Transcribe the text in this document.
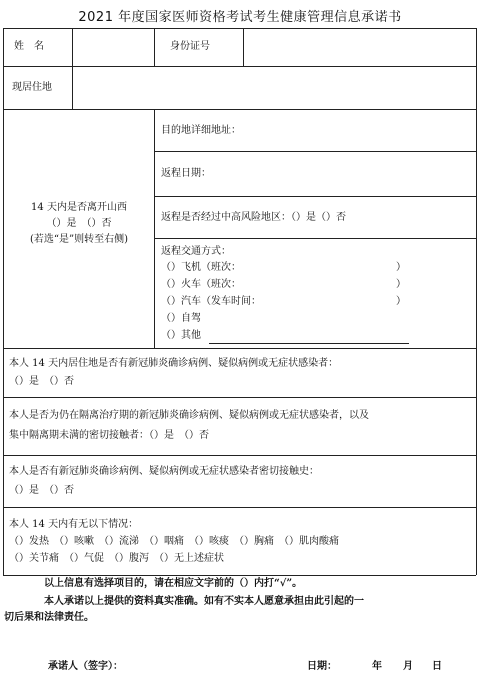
2021 年度国家医师资格考试考生健康管理信息承诺书
姓　名	身份证号
现居住地
14 天内是否离开山西
（）是　（）否
(若选“是”则转至右侧)
目的地详细地址：
返程日期：
返程是否经过中高风险地区：（）是（）否
返程交通方式：
（）飞机（班次：　　　　　　　　　　　　　　　　）
（）火车（班次：　　　　　　　　　　　　　　　　）
（）汽车（发车时间：　　　　　　　　　　　　　　）
（）自驾
（）其他
本人 14 天内居住地是否有新冠肺炎确诊病例、疑似病例或无症状感染者：
（）是　（）否
本人是否为仍在隔离治疗期的新冠肺炎确诊病例、疑似病例或无症状感染者，以及
集中隔离期未满的密切接触者：（）是　（）否
本人是否有新冠肺炎确诊病例、疑似病例或无症状感染者密切接触史：
（）是　（）否
本人 14 天内有无以下情况：
（）发热　（）咳嗽　（）流涕　（）咽痛　（）咳痰　（）胸痛　（）肌肉酸痛
（）关节痛　（）气促　（）腹泻　（）无上述症状
以上信息有选择项目的，请在相应文字前的（）内打“√”。
本人承诺以上提供的资料真实准确。如有不实本人愿意承担由此引起的一
切后果和法律责任。
承诺人（签字）：	日期：	年 月 日
